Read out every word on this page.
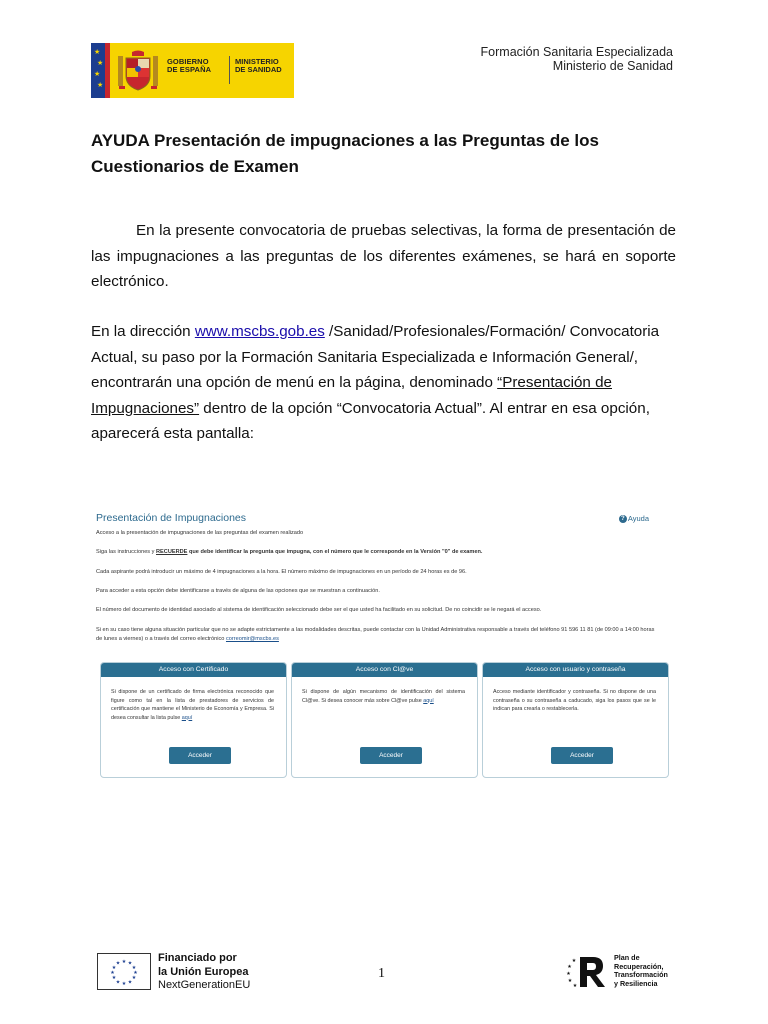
★
★
★
★
GOBIERNO
DE ESPAÑA
MINISTERIO
DE SANIDAD
Formación Sanitaria Especializada
Ministerio de Sanidad
AYUDA Presentación de impugnaciones a las Preguntas de los Cuestionarios de Examen

En la presente convocatoria de pruebas selectivas, la forma de presentación de las impugnaciones a las preguntas de los diferentes exámenes, se hará en soporte electrónico.

En la dirección www.mscbs.gob.es /Sanidad/Profesionales/Formación/ Convocatoria Actual, su paso por la Formación Sanitaria Especializada e Información General/, encontrarán una opción de menú en la página, denominado “Presentación de Impugnaciones” dentro de la opción “Convocatoria Actual”. Al entrar en esa opción, aparecerá esta pantalla:

Presentación de Impugnaciones	? Ayuda
Acceso a la presentación de impugnaciones de las preguntas del examen realizado
Siga las instrucciones y RECUERDE que debe identificar la pregunta que impugna, con el número que le corresponde en la Versión "0" de examen.
Cada aspirante podrá introducir un máximo de 4 impugnaciones a la hora. El número máximo de impugnaciones en un período de 24 horas es de 96.
Para acceder a esta opción debe identificarse a través de alguna de las opciones que se muestran a continuación.
El número del documento de identidad asociado al sistema de identificación seleccionado debe ser el que usted ha facilitado en su solicitud. De no coincidir se le negará el acceso.
Si en su caso tiene alguna situación particular que no se adapte estrictamente a las modalidades descritas, puede contactar con la Unidad Administrativa responsable a través del teléfono 91 596 11 81 (de 09:00 a 14:00 horas de lunes a viernes) o a través del correo electrónico correomir@mscbs.es
Acceso con Certificado
Si dispone de un certificado de firma electrónica reconocido que figure como tal en la lista de prestadores de servicios de certificación que mantiene el Ministerio de Economía y Empresa. Si desea consultar la lista pulse aquí
Acceder
Acceso con Cl@ve
Si dispone de algún mecanismo de identificación del sistema Cl@ve. Si desea conocer más sobre Cl@ve pulse aquí
Acceder
Acceso con usuario y contraseña
Acceso mediante identificador y contraseña. Si no dispone de una contraseña o su contraseña a caducado, siga los pasos que se le indican para crearla o restablecerla.
Acceder
★ ★
★
★
★
★
★
★
★
★
★
★	Financiado por
la Unión Europea
NextGenerationEU
1
★
★
★
★
★
Plan de
Recuperación,
Transformación
y Resiliencia
